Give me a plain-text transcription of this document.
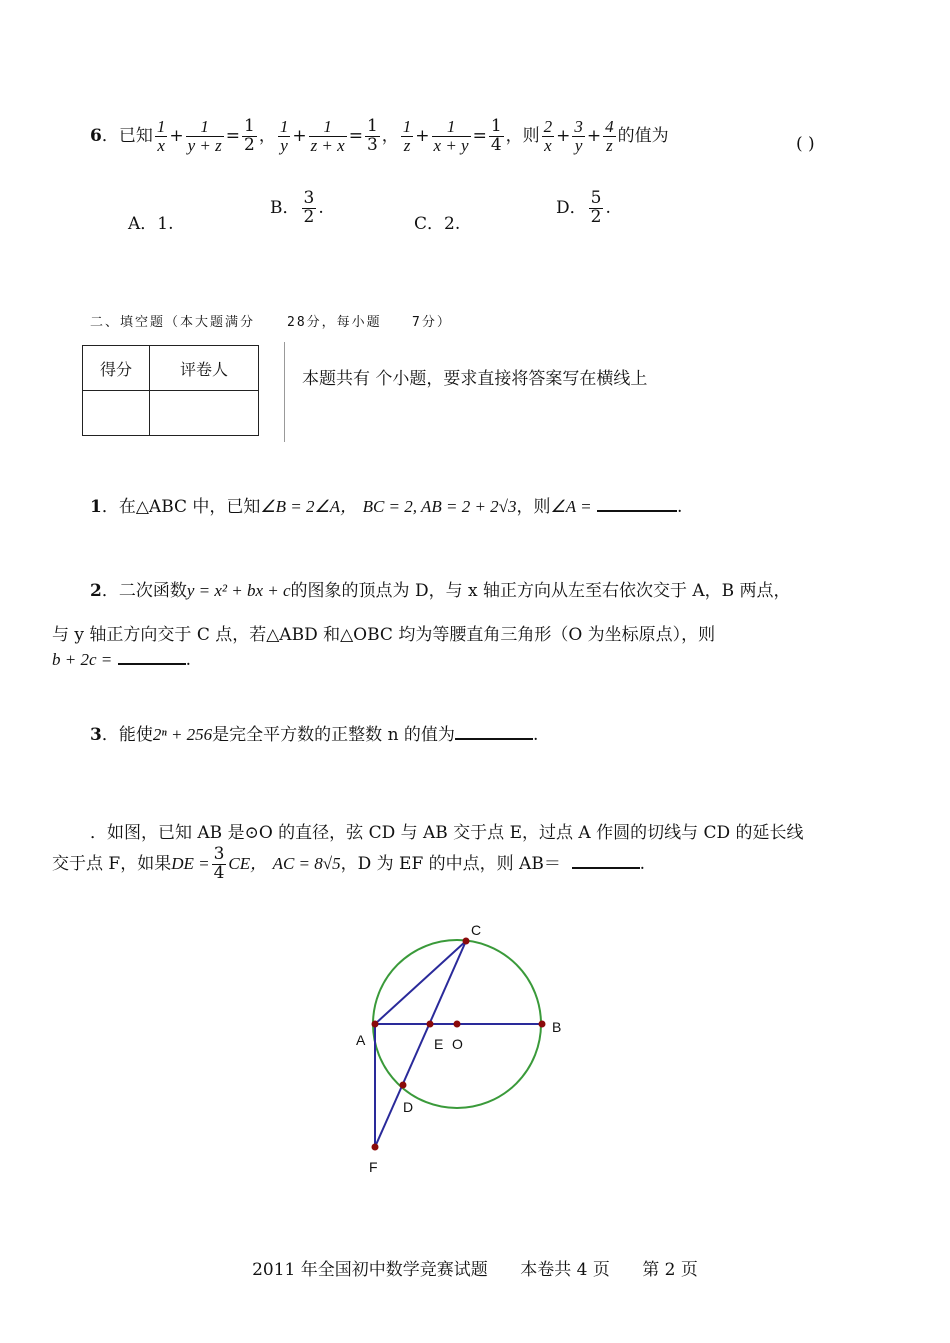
6．已知 $\frac{1}{x} + \frac{1}{y + z} = \frac{1}{2}$ ， $\frac{1}{y} + \frac{1}{z + x} = \frac{1}{3}$ ， $\frac{1}{z} + \frac{1}{x + y} = \frac{1}{4}$ ，则 $\frac{2}{x} + \frac{3}{y} + \frac{4}{z}$ 的值为	( )
A．1.
B． $\frac{3}{2}$ .
C．2.
D． $\frac{5}{2}$ .
二、填空题（本大题满分 28分，每小题 7分）
得分	评卷人
		本题共有 个小题，要求直接将答案写在横线上
1．在△ABC 中，已知∠B = 2∠A， BC = 2, AB = 2 + 2√3，则∠A =	.
2．二次函数y = x² + bx + c的图象的顶点为 D，与 x 轴正方向从左至右依次交于 A，B 两点，
与 y 轴正方向交于 C 点，若△ABD 和△OBC 均为等腰直角三角形（O 为坐标原点），则
b + 2c =	.
3．能使2ⁿ + 256是完全平方数的正整数 n 的值为	.
．如图，已知 AB 是⊙O 的直径，弦 CD 与 AB 交于点 E，过点 A 作圆的切线与 CD 的延长线
交于点 F，如果DE = $\frac{3}{4}$ CE， AC = 8√5，D 为 EF 的中点，则 AB＝	.
C
A
B
E O
D
F
2011 年全国初中数学竞赛试题      本卷共 4 页      第 2 页
